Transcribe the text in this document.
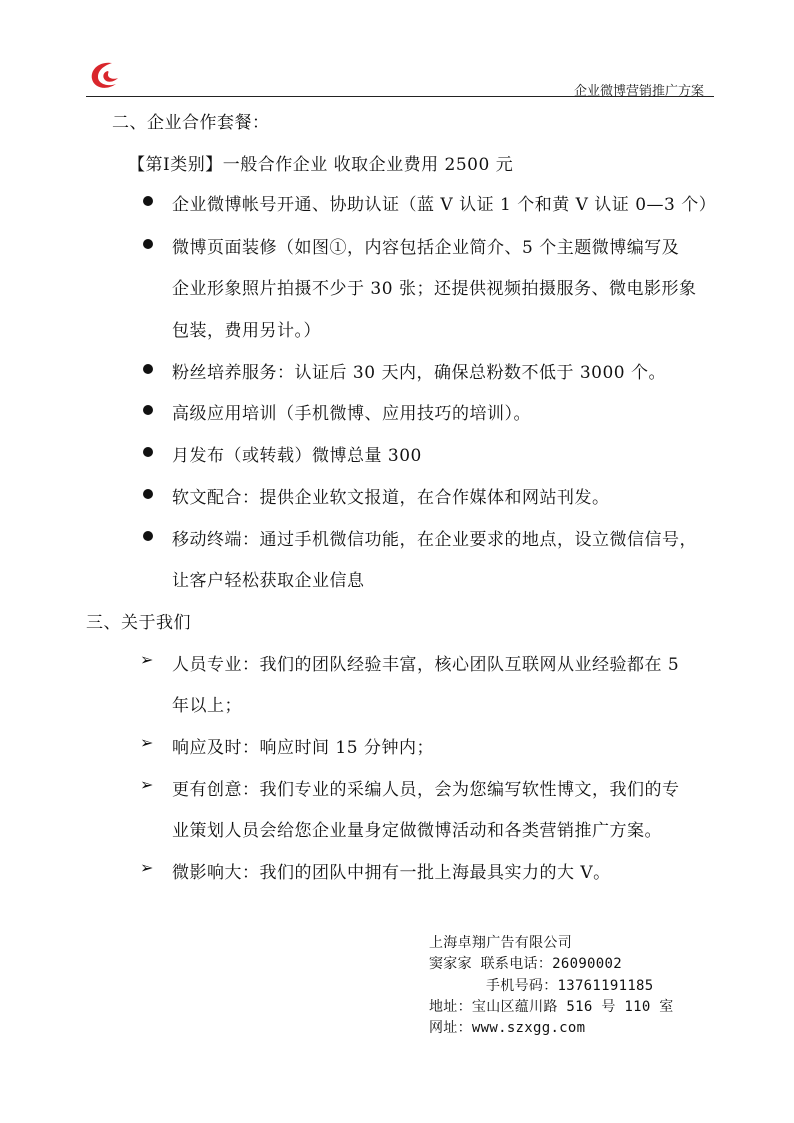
企业微博营销推广方案
二、企业合作套餐：
【第Ⅰ类别】一般合作企业 收取企业费用 2500 元
企业微博帐号开通、协助认证（蓝 V 认证 1 个和黄 V 认证 0—3 个）
微博页面装修（如图①，内容包括企业简介、5 个主题微博编写及
企业形象照片拍摄不少于 30 张；还提供视频拍摄服务、微电影形象
包装，费用另计。）
粉丝培养服务：认证后 30 天内，确保总粉数不低于 3000 个。
高级应用培训（手机微博、应用技巧的培训）。
月发布（或转载）微博总量 300
软文配合：提供企业软文报道，在合作媒体和网站刊发。
移动终端：通过手机微信功能，在企业要求的地点，设立微信信号，
让客户轻松获取企业信息
三、关于我们
➢ 人员专业：我们的团队经验丰富，核心团队互联网从业经验都在 5
年以上；
➢ 响应及时：响应时间 15 分钟内；
➢ 更有创意：我们专业的采编人员，会为您编写软性博文，我们的专
业策划人员会给您企业量身定做微博活动和各类营销推广方案。
➢ 微影响大：我们的团队中拥有一批上海最具实力的大 V。
上海卓翔广告有限公司
窦家家 联系电话：26090002
手机号码：13761191185
地址：宝山区蕴川路 516 号 110 室
网址：www.szxgg.com
